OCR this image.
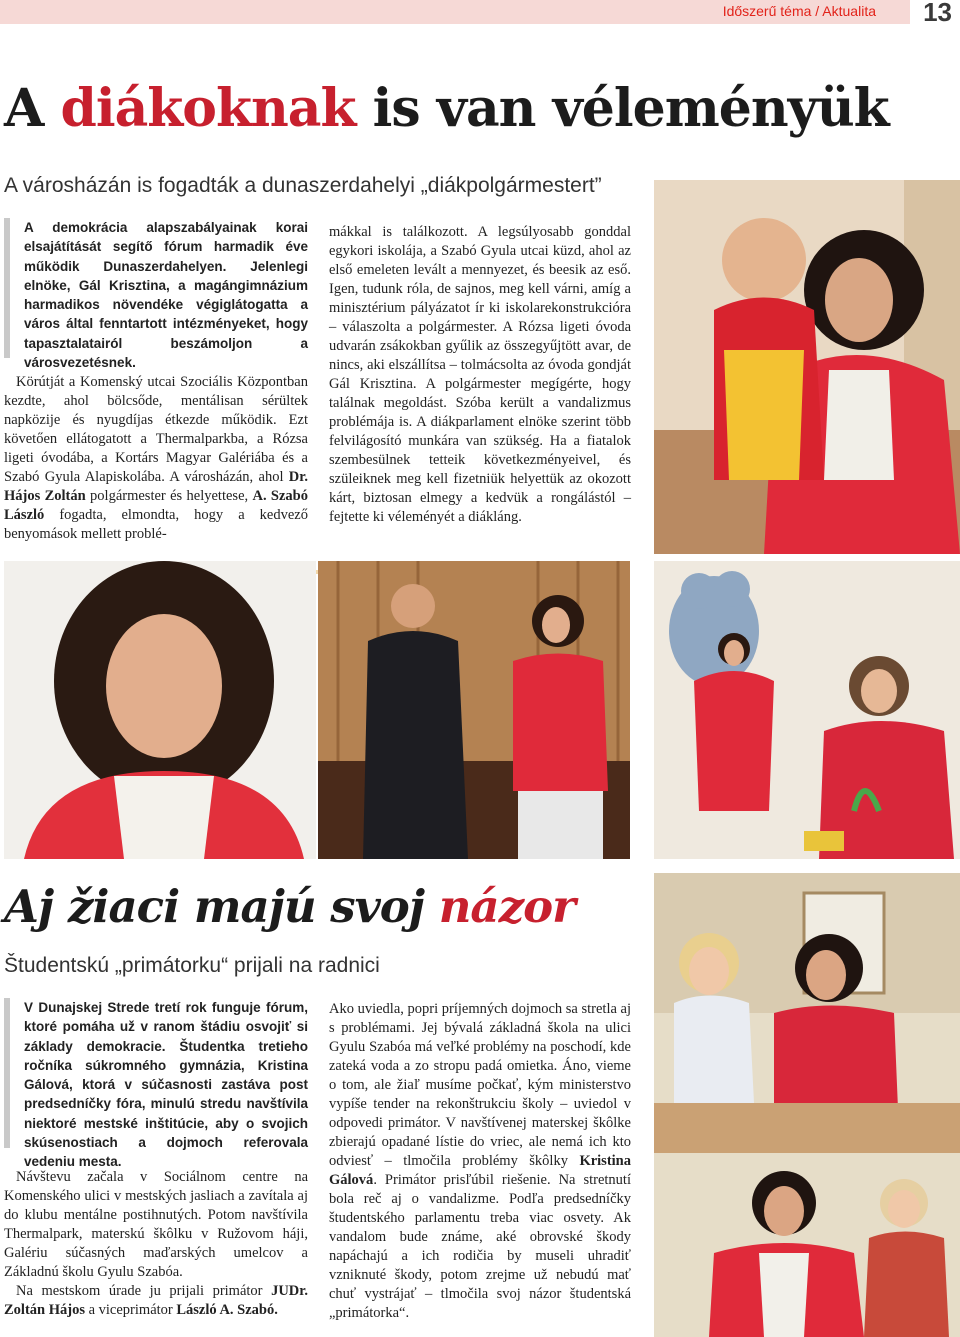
Időszerű téma / Aktualita 13
A diákoknak is van véleményük
A városházán is fogadták a dunaszerdahelyi „diákpolgármestert”
A demokrácia alapszabályainak korai elsajátítását segítő fórum harmadik éve működik Dunaszerdahelyen. Jelenlegi elnöke, Gál Krisztina, a magángimnázium harmadikos növendéke végiglátogatta a város által fenntartott intézményeket, hogy tapasztalatairól beszámoljon a városvezetésnek.

Körútját a Komenský utcai Szociális Központban kezdte, ahol bölcsőde, mentálisan sérültek napközije és nyugdíjas étkezde működik. Ezt követően ellátogatott a Thermalparkba, a Rózsa ligeti óvodába, a Kortárs Magyar Galériába és a Szabó Gyula Alapiskolába. A városházán, ahol Dr. Hájos Zoltán polgármester és helyettese, A. Szabó László fogadta, elmondta, hogy a kedvező benyomások mellett problé-

mákkal is találkozott. A legsúlyosabb gonddal egykori iskolája, a Szabó Gyula utcai küzd, ahol az első emeleten levált a mennyezet, és beesik az eső. Igen, tudunk róla, de sajnos, meg kell várni, amíg a minisztérium pályázatot ír ki iskolarekonstrukcióra – válaszolta a polgármester. A Rózsa ligeti óvoda udvarán zsákokban gyűlik az összegyűjtött avar, de nincs, aki elszállítsa – tolmácsolta az óvoda gondját Gál Krisztina. A polgármester megígérte, hogy találnak megoldást. Szóba került a vandalizmus problémája is. A diákparlament elnöke szerint több felvilágosító munkára van szükség. Ha a fiatalok szembesülnek tetteik következményeivel, és szüleiknek meg kell fizetniük helyettük az okozott kárt, biztosan elmegy a kedvük a rongálástól – fejtette ki véleményét a diákláng.

Aj žiaci majú svoj názor
Študentskú „primátorku“ prijali na radnici
V Dunajskej Strede tretí rok funguje fórum, ktoré pomáha už v ranom štádiu osvojiť si základy demokracie. Študentka tretieho ročníka súkromného gymnázia, Kristina Gálová, ktorá v súčasnosti zastáva post predsedníčky fóra, minulú stredu navštívila niektoré mestské inštitúcie, aby o svojich skúsenostiach a dojmoch referovala vedeniu mesta.

Návštevu začala v Sociálnom centre na Komenského ulici v mestských jasliach a zavítala aj do klubu mentálne postihnutých. Potom navštívila Thermalpark, materskú škôlku v Ružovom háji, Galériu súčasných maďarských umelcov a Základnú školu Gyulu Szabóa.

Na mestskom úrade ju prijali primátor JUDr. Zoltán Hájos a viceprimátor László A. Szabó.

Ako uviedla, popri príjemných dojmoch sa stretla aj s problémami. Jej bývalá základná škola na ulici Gyulu Szabóa má veľké problémy na poschodí, kde zateká voda a zo stropu padá omietka. Áno, vieme o tom, ale žiaľ musíme počkať, kým ministerstvo vypíše tender na rekonštrukciu školy – uviedol v odpovedi primátor. V navštívenej materskej škôlke zbierajú opadané lístie do vriec, ale nemá ich kto odviesť – tlmočila problémy škôlky Kristina Gálová. Primátor prisľúbil riešenie. Na stretnutí bola reč aj o vandalizme. Podľa predsedníčky študentského parlamentu treba viac osvety. Ak vandalom bude známe, aké obrovské škody napáchajú a ich rodičia by museli uhradiť vzniknuté škody, potom zrejme už nebudú mať chuť vystrájať – tlmočila svoj názor študentská „primátorka“.
